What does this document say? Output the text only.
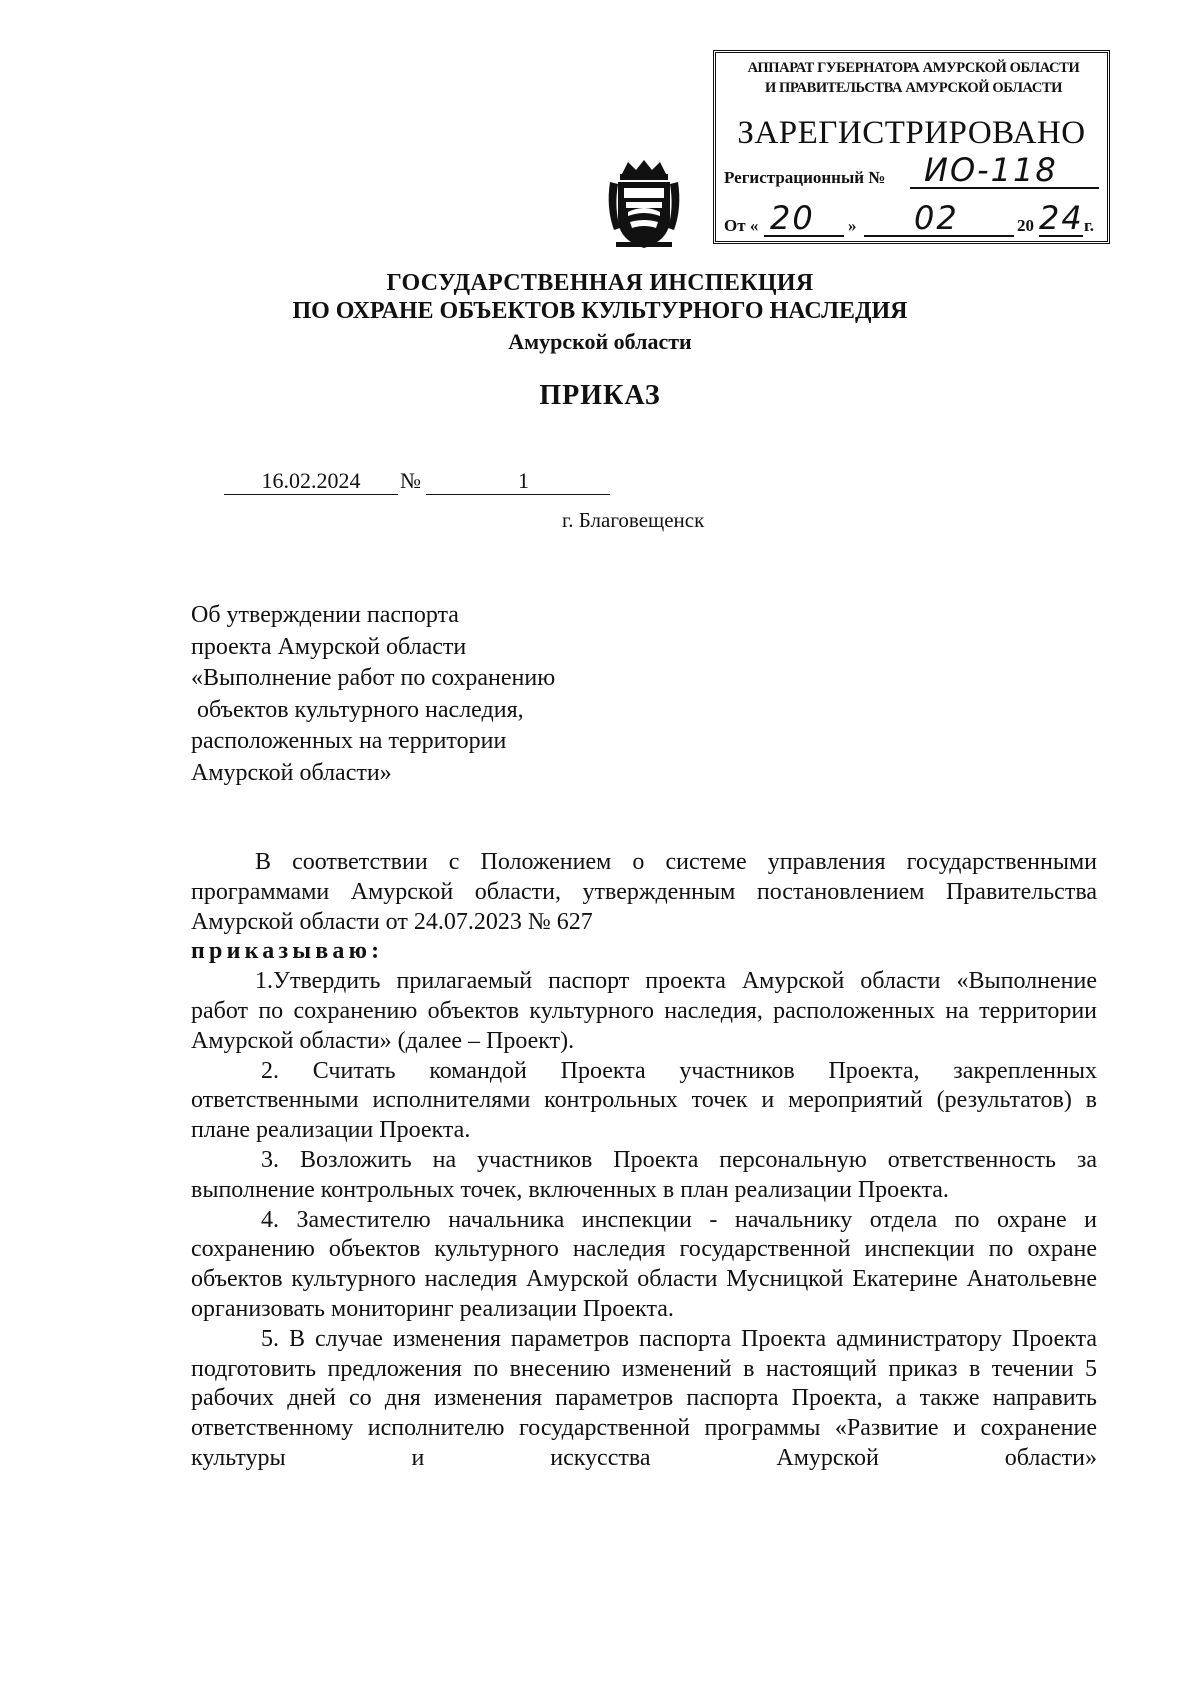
АППАРАТ ГУБЕРНАТОРА АМУРСКОЙ ОБЛАСТИ
И ПРАВИТЕЛЬСТВА АМУРСКОЙ ОБЛАСТИ
ЗАРЕГИСТРИРОВАНО
Регистрационный № ИО-118
От « 20 » 02	20 24 г.
ГОСУДАРСТВЕННАЯ ИНСПЕКЦИЯ
ПО ОХРАНЕ ОБЪЕКТОВ КУЛЬТУРНОГО НАСЛЕДИЯ
Амурской области
ПРИКАЗ
16.02.2024	№	1

г. Благовещенск
Об утверждении паспорта
проекта Амурской области
«Выполнение работ по сохранению
объектов культурного наследия,
расположенных на территории
Амурской области»

В соответствии с Положением о системе управления государственными программами Амурской области, утвержденным постановлением Правительства Амурской области от 24.07.2023 № 627

приказываю:

1.Утвердить прилагаемый паспорт проекта Амурской области «Выполнение работ по сохранению объектов культурного наследия, расположенных на территории Амурской области» (далее – Проект).

2. Считать командой Проекта участников Проекта, закрепленных ответственными исполнителями контрольных точек и мероприятий (результатов) в плане реализации Проекта.

3. Возложить на участников Проекта персональную ответственность за выполнение контрольных точек, включенных в план реализации Проекта.

4. Заместителю начальника инспекции - начальнику отдела по охране и сохранению объектов культурного наследия государственной инспекции по охране объектов культурного наследия Амурской области Мусницкой Екатерине Анатольевне организовать мониторинг реализации Проекта.

5. В случае изменения параметров паспорта Проекта администратору Проекта подготовить предложения по внесению изменений в настоящий приказ в течении 5 рабочих дней со дня изменения параметров паспорта Проекта, а также направить ответственному исполнителю государственной программы «Развитие и сохранение культуры и искусства Амурской области»
